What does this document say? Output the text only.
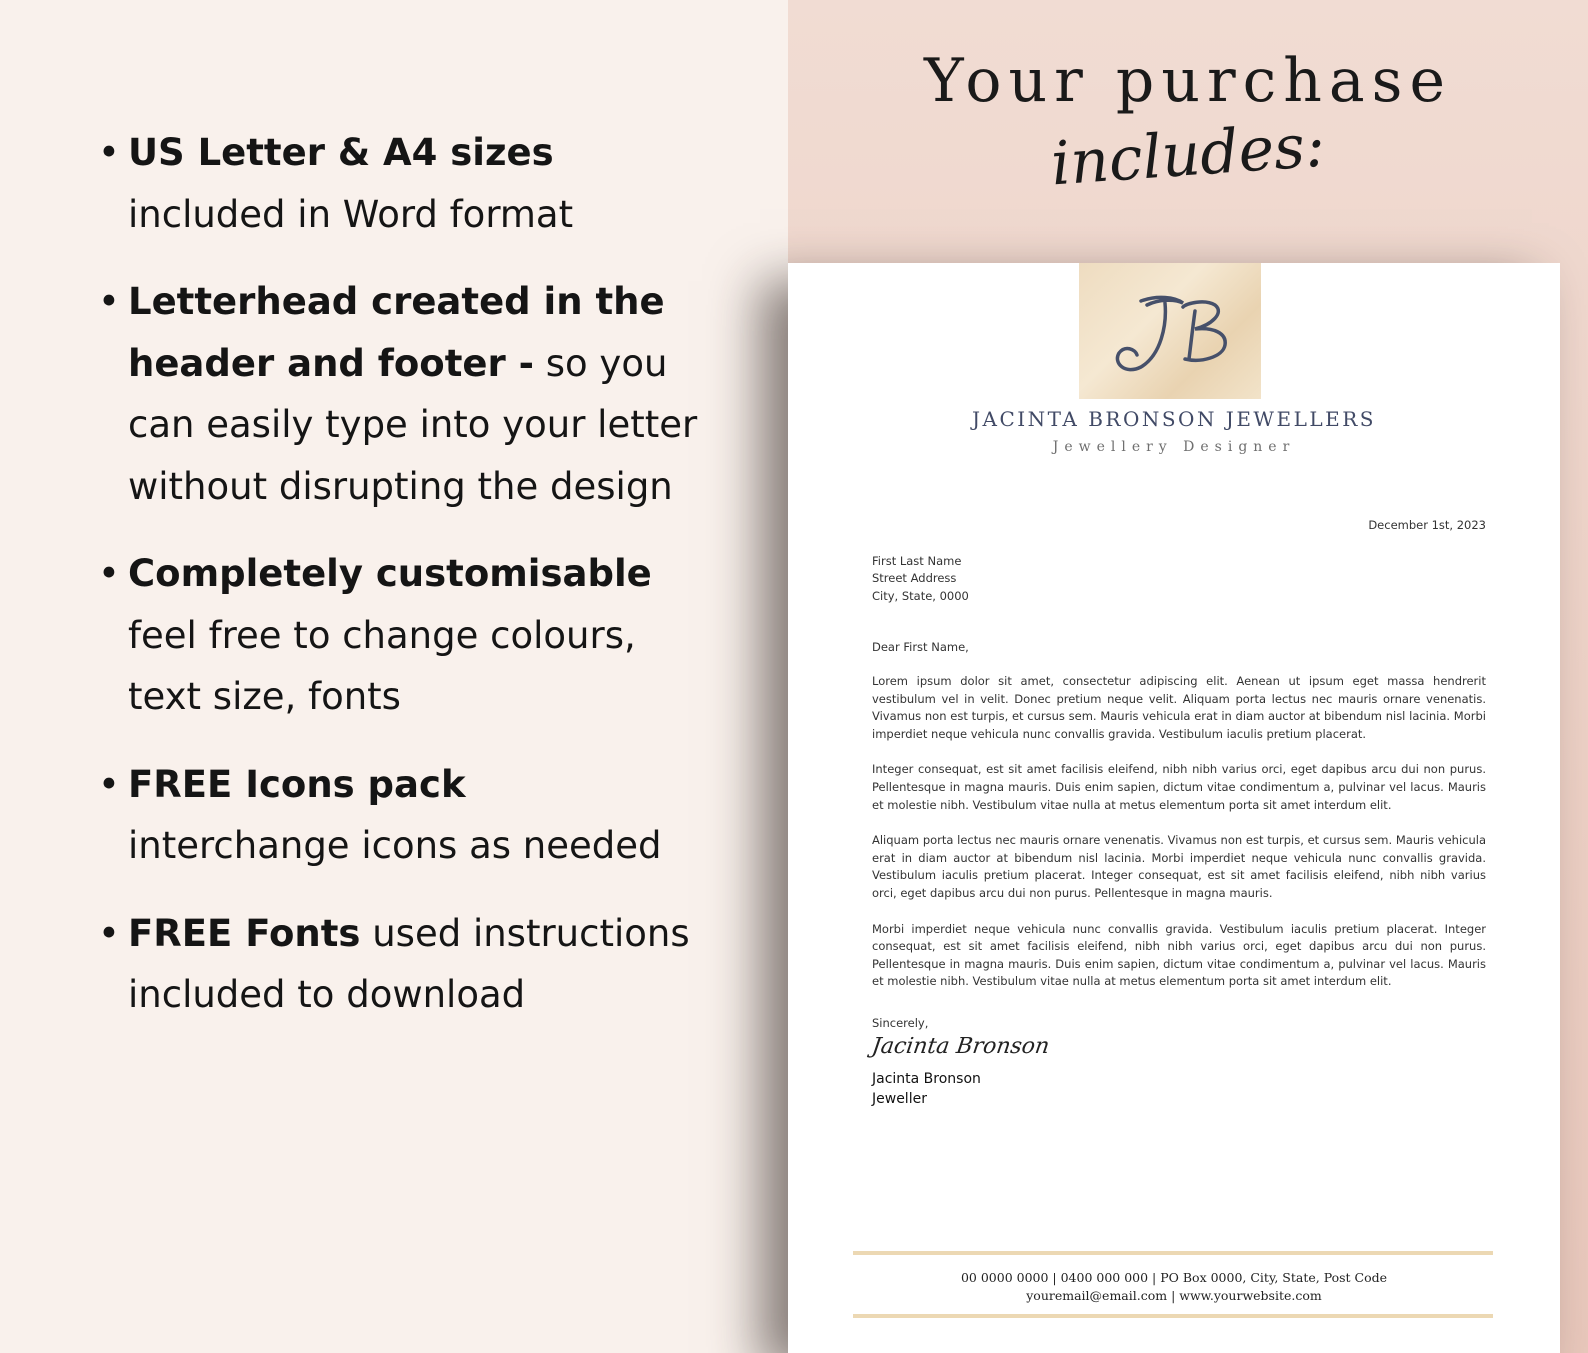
• US Letter & A4 sizes
included in Word format
• Letterhead created in the
header and footer - so you
can easily type into your letter
without disrupting the design
• Completely customisable
feel free to change colours,
text size, fonts
• FREE Icons pack
interchange icons as needed
• FREE Fonts used instructions
included to download
Your purchase
includes:
JACINTA BRONSON JEWELLERS
Jewellery Designer
December 1st, 2023
First Last Name
Street Address
City, State, 0000
Dear First Name,
Lorem ipsum dolor sit amet, consectetur adipiscing elit. Aenean ut ipsum eget massa hendrerit vestibulum vel in velit. Donec pretium neque velit. Aliquam porta lectus nec mauris ornare venenatis. Vivamus non est turpis, et cursus sem. Mauris vehicula erat in diam auctor at bibendum nisl lacinia. Morbi imperdiet neque vehicula nunc convallis gravida. Vestibulum iaculis pretium placerat.
Integer consequat, est sit amet facilisis eleifend, nibh nibh varius orci, eget dapibus arcu dui non purus. Pellentesque in magna mauris. Duis enim sapien, dictum vitae condimentum a, pulvinar vel lacus. Mauris et molestie nibh. Vestibulum vitae nulla at metus elementum porta sit amet interdum elit.
Aliquam porta lectus nec mauris ornare venenatis. Vivamus non est turpis, et cursus sem. Mauris vehicula erat in diam auctor at bibendum nisl lacinia. Morbi imperdiet neque vehicula nunc convallis gravida. Vestibulum iaculis pretium placerat. Integer consequat, est sit amet facilisis eleifend, nibh nibh varius orci, eget dapibus arcu dui non purus. Pellentesque in magna mauris.
Morbi imperdiet neque vehicula nunc convallis gravida. Vestibulum iaculis pretium placerat. Integer consequat, est sit amet facilisis eleifend, nibh nibh varius orci, eget dapibus arcu dui non purus. Pellentesque in magna mauris. Duis enim sapien, dictum vitae condimentum a, pulvinar vel lacus. Mauris et molestie nibh. Vestibulum vitae nulla at metus elementum porta sit amet interdum elit.
Sincerely,
Jacinta Bronson
Jacinta Bronson
Jeweller
00 0000 0000 | 0400 000 000 | PO Box 0000, City, State, Post Code
youremail@email.com | www.yourwebsite.com
